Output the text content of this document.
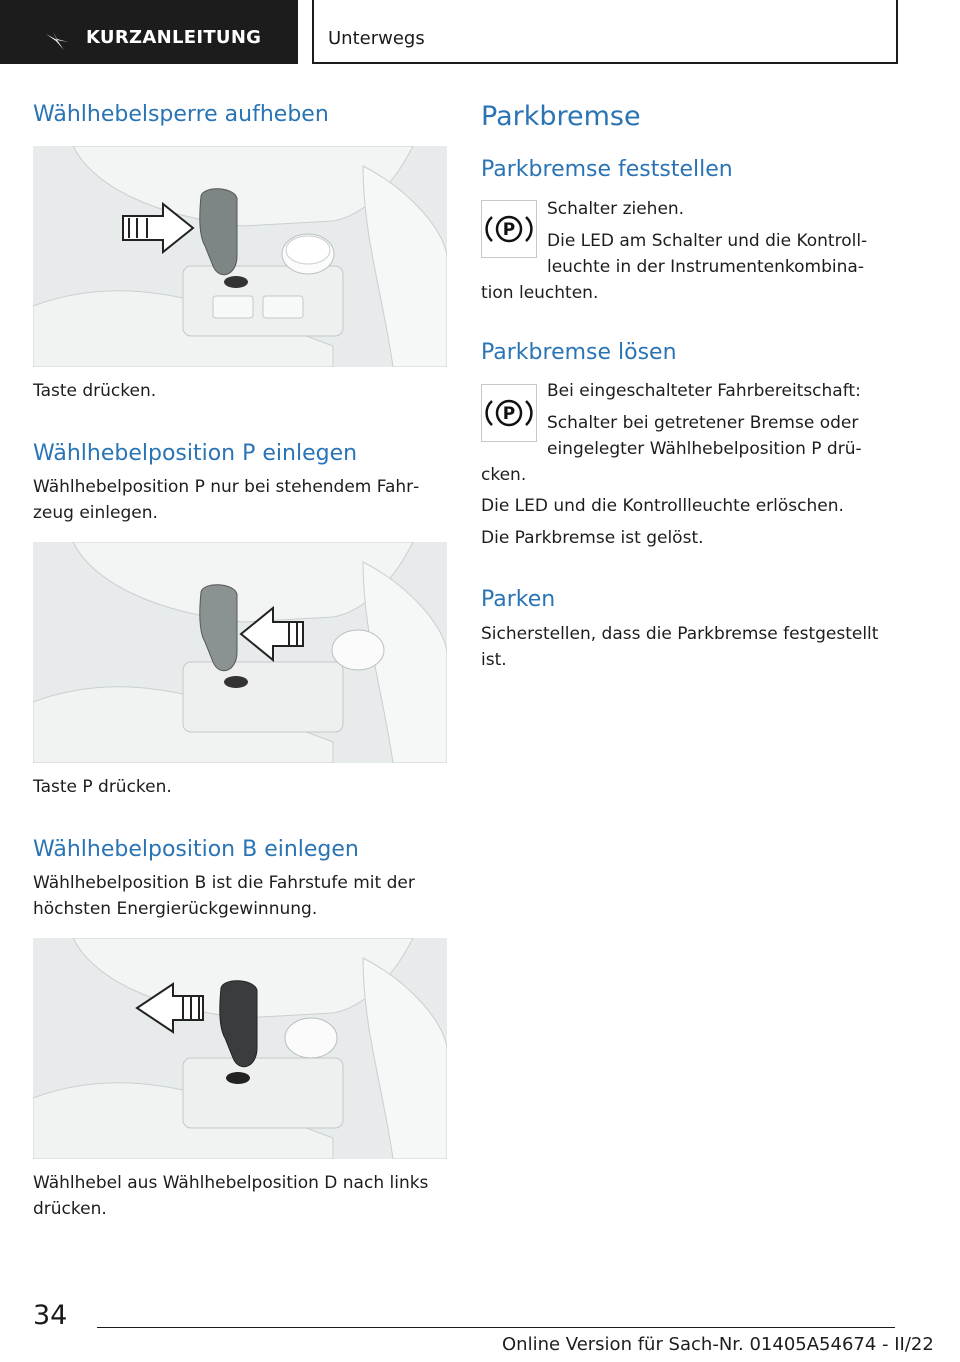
KURZANLEITUNG	Unterwegs
Wählhebelsperre aufheben
Taste drücken.
Wählhebelposition P einlegen
Wählhebelposition P nur bei stehendem Fahrzeug einlegen.
Taste P drücken.
Wählhebelposition B einlegen
Wählhebelposition B ist die Fahrstufe mit der höchsten Energierückgewinnung.
Wählhebel aus Wählhebelposition D nach links drücken.
Parkbremse
Parkbremse feststellen
P
Schalter ziehen.
Die LED am Schalter und die Kontroll-
leuchte in der Instrumentenkombina-
tion leuchten.
Parkbremse lösen
P
Bei eingeschalteter Fahrbereitschaft:
Schalter bei getretener Bremse oder
eingelegter Wählhebelposition P drü-
cken.
Die LED und die Kontrollleuchte erlöschen.
Die Parkbremse ist gelöst.
Parken
Sicherstellen, dass die Parkbremse festgestellt ist.
34
Online Version für Sach-Nr. 01405A54674 - II/22
